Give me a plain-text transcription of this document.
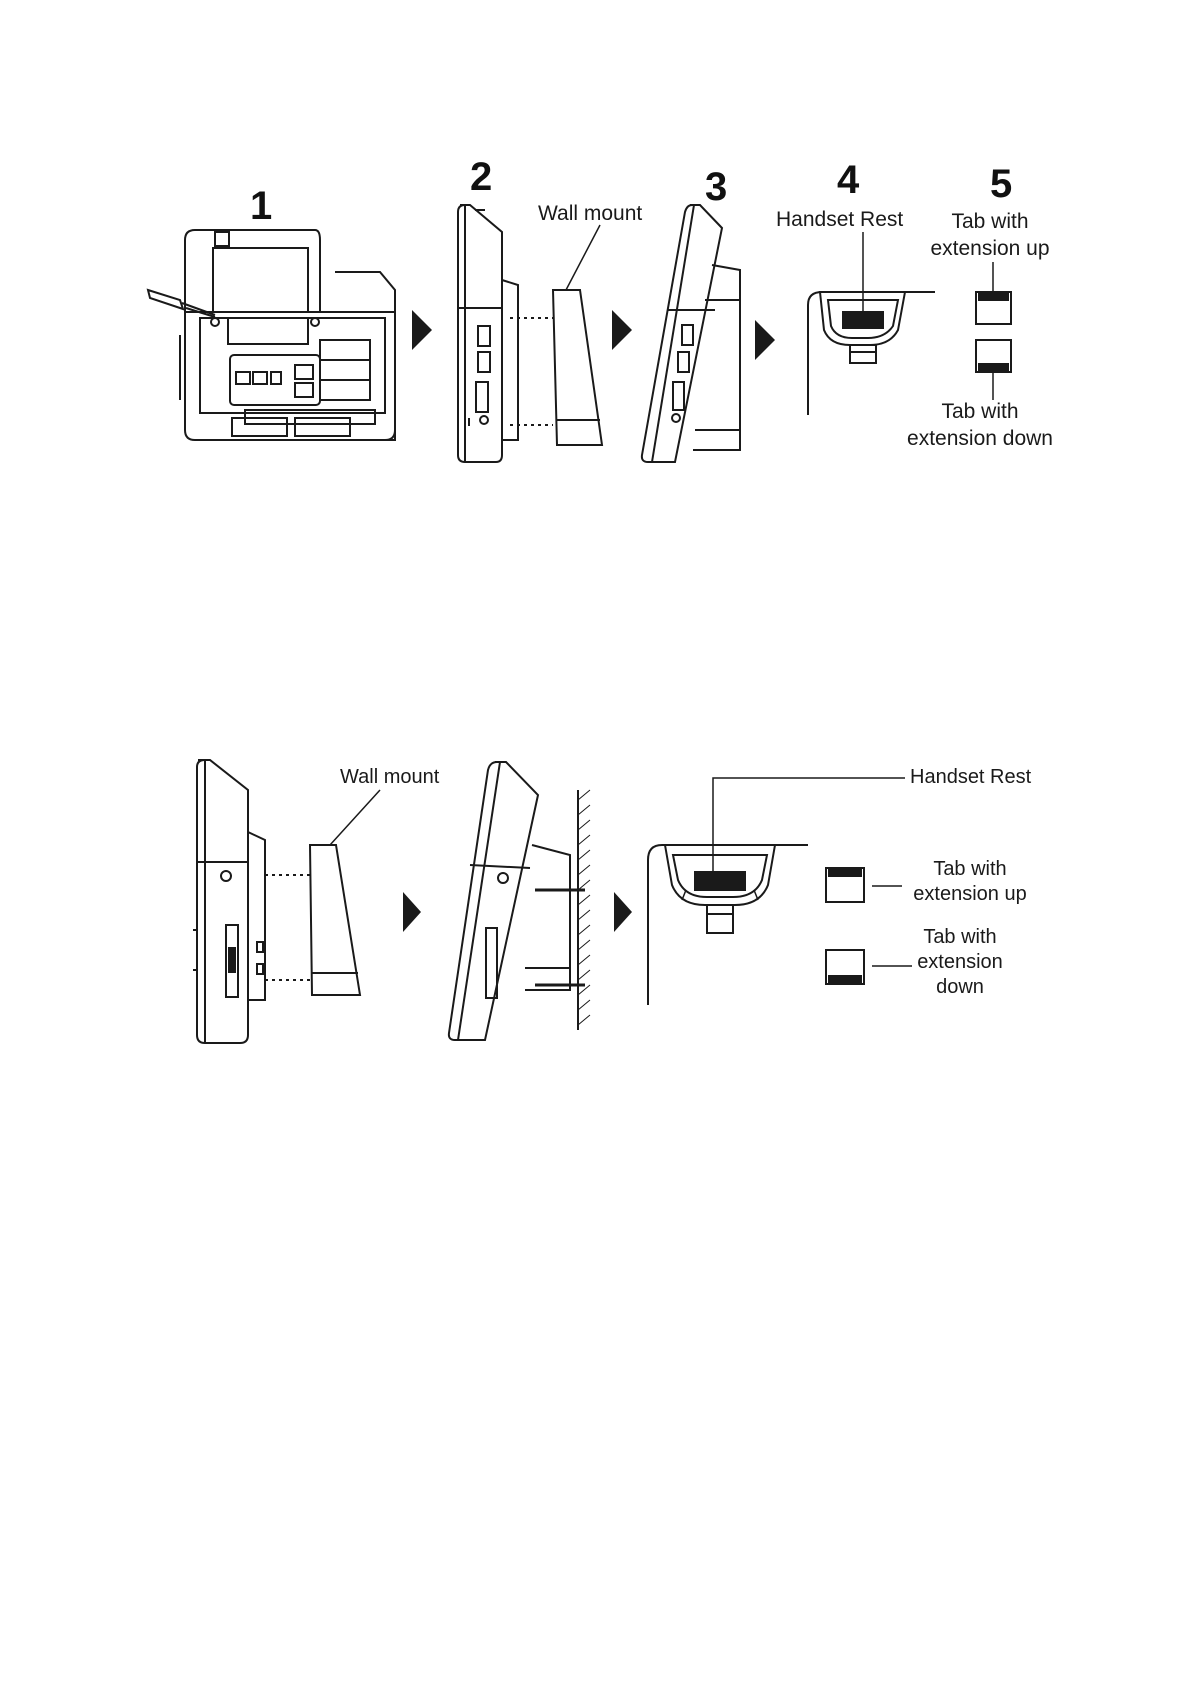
1
2	3	4	5
Wall mount	Handset Rest	Tab with
extension up
Tab with
extension down
Wall mount	Handset Rest
Tab with
extension up
Tab with
extension
down
